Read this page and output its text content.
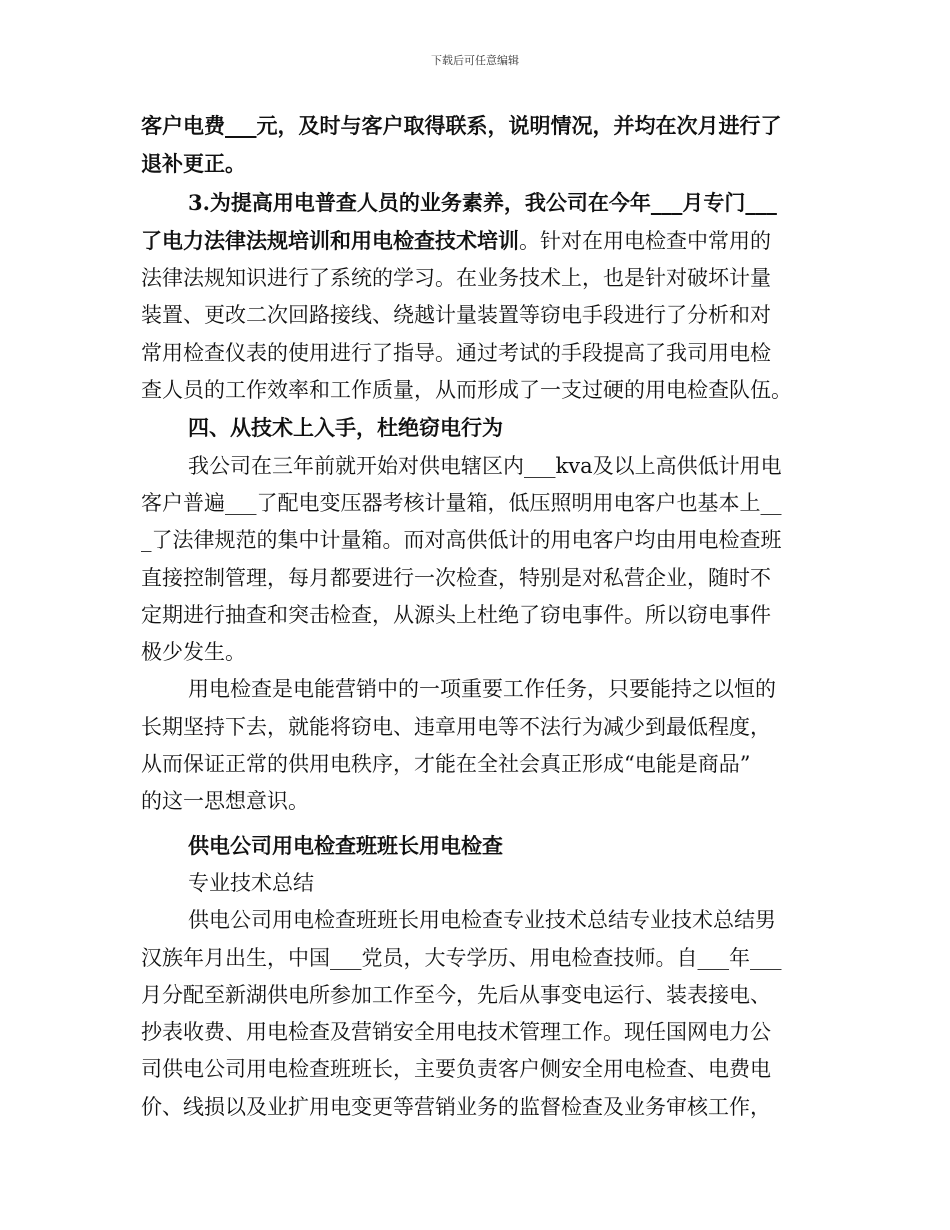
下载后可任意编辑
客户电费___元，及时与客户取得联系，说明情况，并均在次月进行了
退补更正。
3.为提高用电普查人员的业务素养，我公司在今年___月专门___
了电力法律法规培训和用电检查技术培训。针对在用电检查中常用的
法律法规知识进行了系统的学习。在业务技术上，也是针对破坏计量
装置、更改二次回路接线、绕越计量装置等窃电手段进行了分析和对
常用检查仪表的使用进行了指导。通过考试的手段提高了我司用电检
查人员的工作效率和工作质量，从而形成了一支过硬的用电检查队伍。
四、从技术上入手，杜绝窃电行为
我公司在三年前就开始对供电辖区内___kva及以上高供低计用电
客户普遍___了配电变压器考核计量箱，低压照明用电客户也基本上__
_了法律规范的集中计量箱。而对高供低计的用电客户均由用电检查班
直接控制管理，每月都要进行一次检查，特别是对私营企业，随时不
定期进行抽查和突击检查，从源头上杜绝了窃电事件。所以窃电事件
极少发生。
用电检查是电能营销中的一项重要工作任务，只要能持之以恒的
长期坚持下去，就能将窃电、违章用电等不法行为减少到最低程度，
从而保证正常的供用电秩序，才能在全社会真正形成“电能是商品”
的这一思想意识。
供电公司用电检查班班长用电检查
专业技术总结
供电公司用电检查班班长用电检查专业技术总结专业技术总结男
汉族年月出生，中国___党员，大专学历、用电检查技师。自___年___
月分配至新湖供电所参加工作至今，先后从事变电运行、装表接电、
抄表收费、用电检查及营销安全用电技术管理工作。现任国网电力公
司供电公司用电检查班班长，主要负责客户侧安全用电检查、电费电
价、线损以及业扩用电变更等营销业务的监督检查及业务审核工作，
